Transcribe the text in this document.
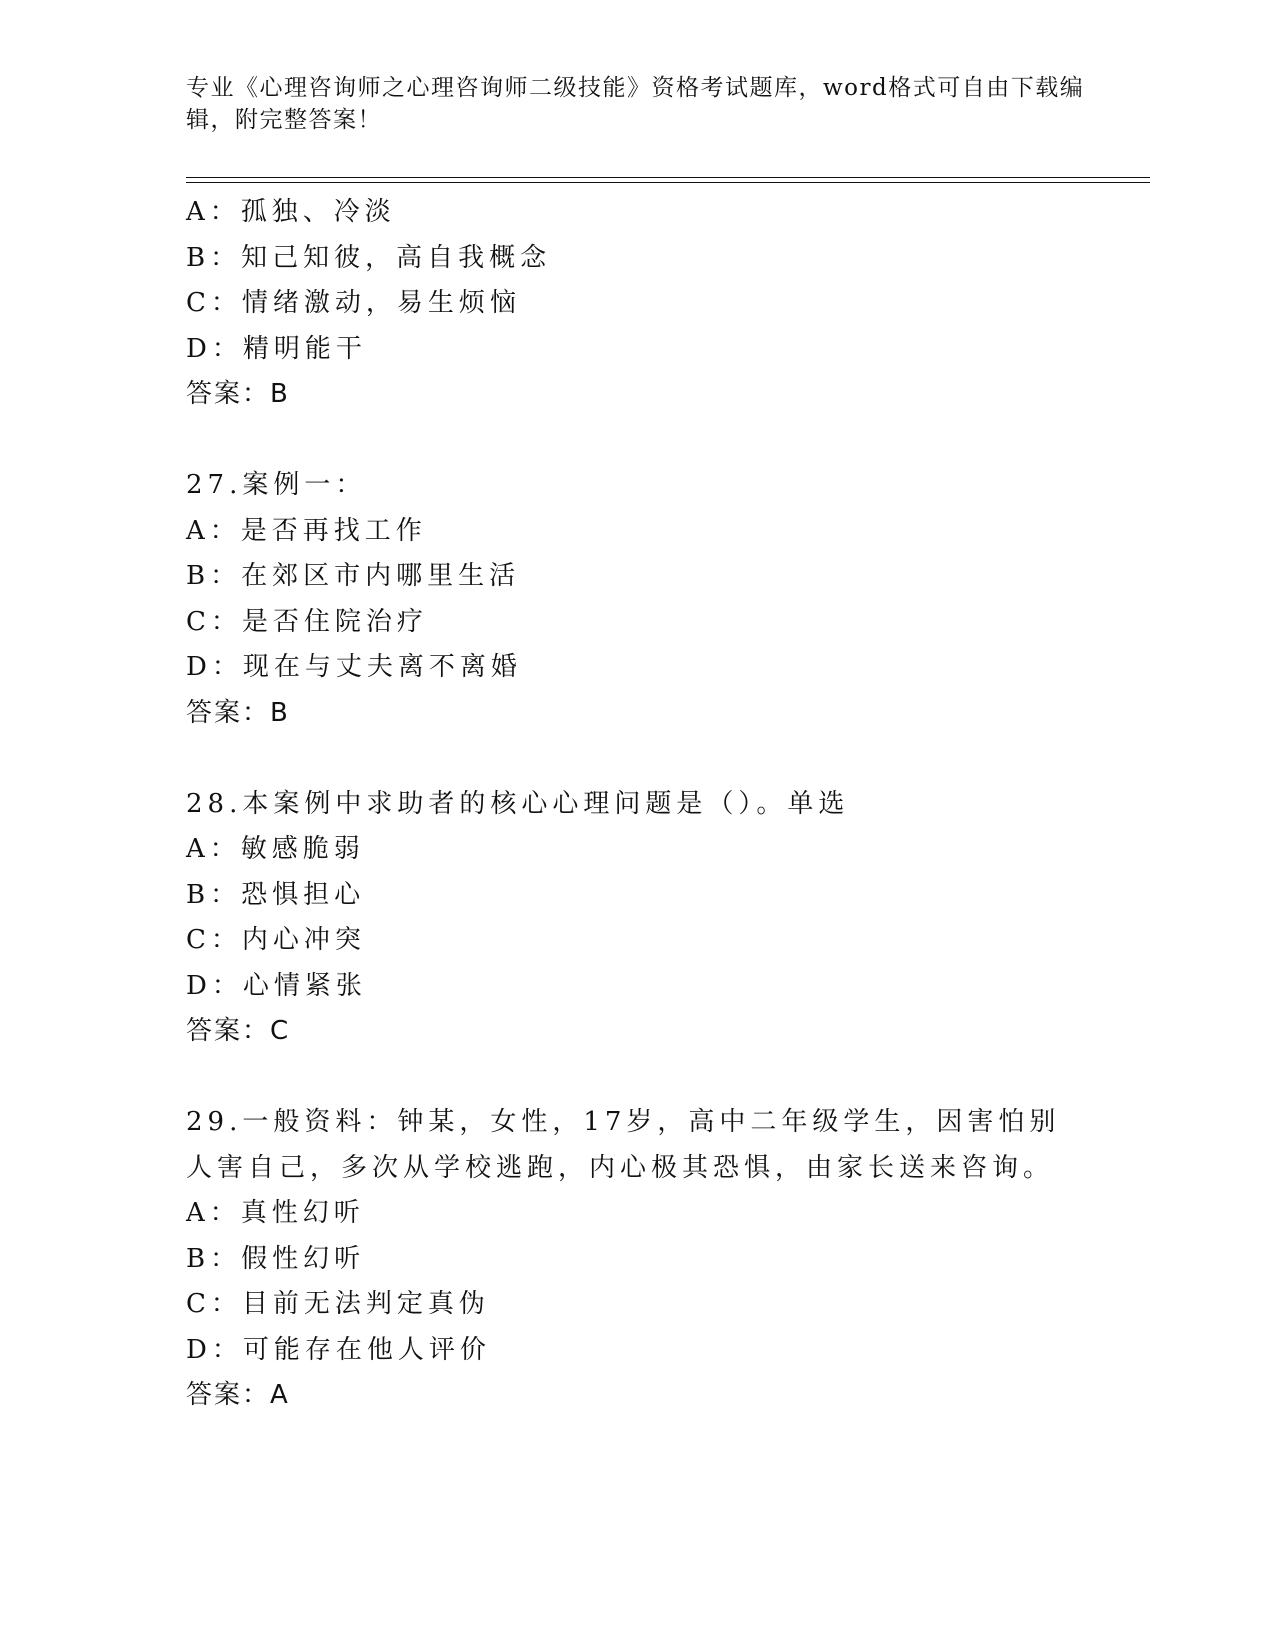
专业《心理咨询师之心理咨询师二级技能》资格考试题库，word格式可自由下载编辑，附完整答案！
A：孤独、冷淡
B：知己知彼，高自我概念
C：情绪激动，易生烦恼
D：精明能干
答案：B
27.案例一：
A：是否再找工作
B：在郊区市内哪里生活
C：是否住院治疗
D：现在与丈夫离不离婚
答案：B
28.本案例中求助者的核心心理问题是（）。单选
A：敏感脆弱
B：恐惧担心
C：内心冲突
D：心情紧张
答案：C
29.一般资料：钟某，女性，17岁，高中二年级学生，因害怕别人害自己，多次从学校逃跑，内心极其恐惧，由家长送来咨询。
A：真性幻听
B：假性幻听
C：目前无法判定真伪
D：可能存在他人评价
答案：A
